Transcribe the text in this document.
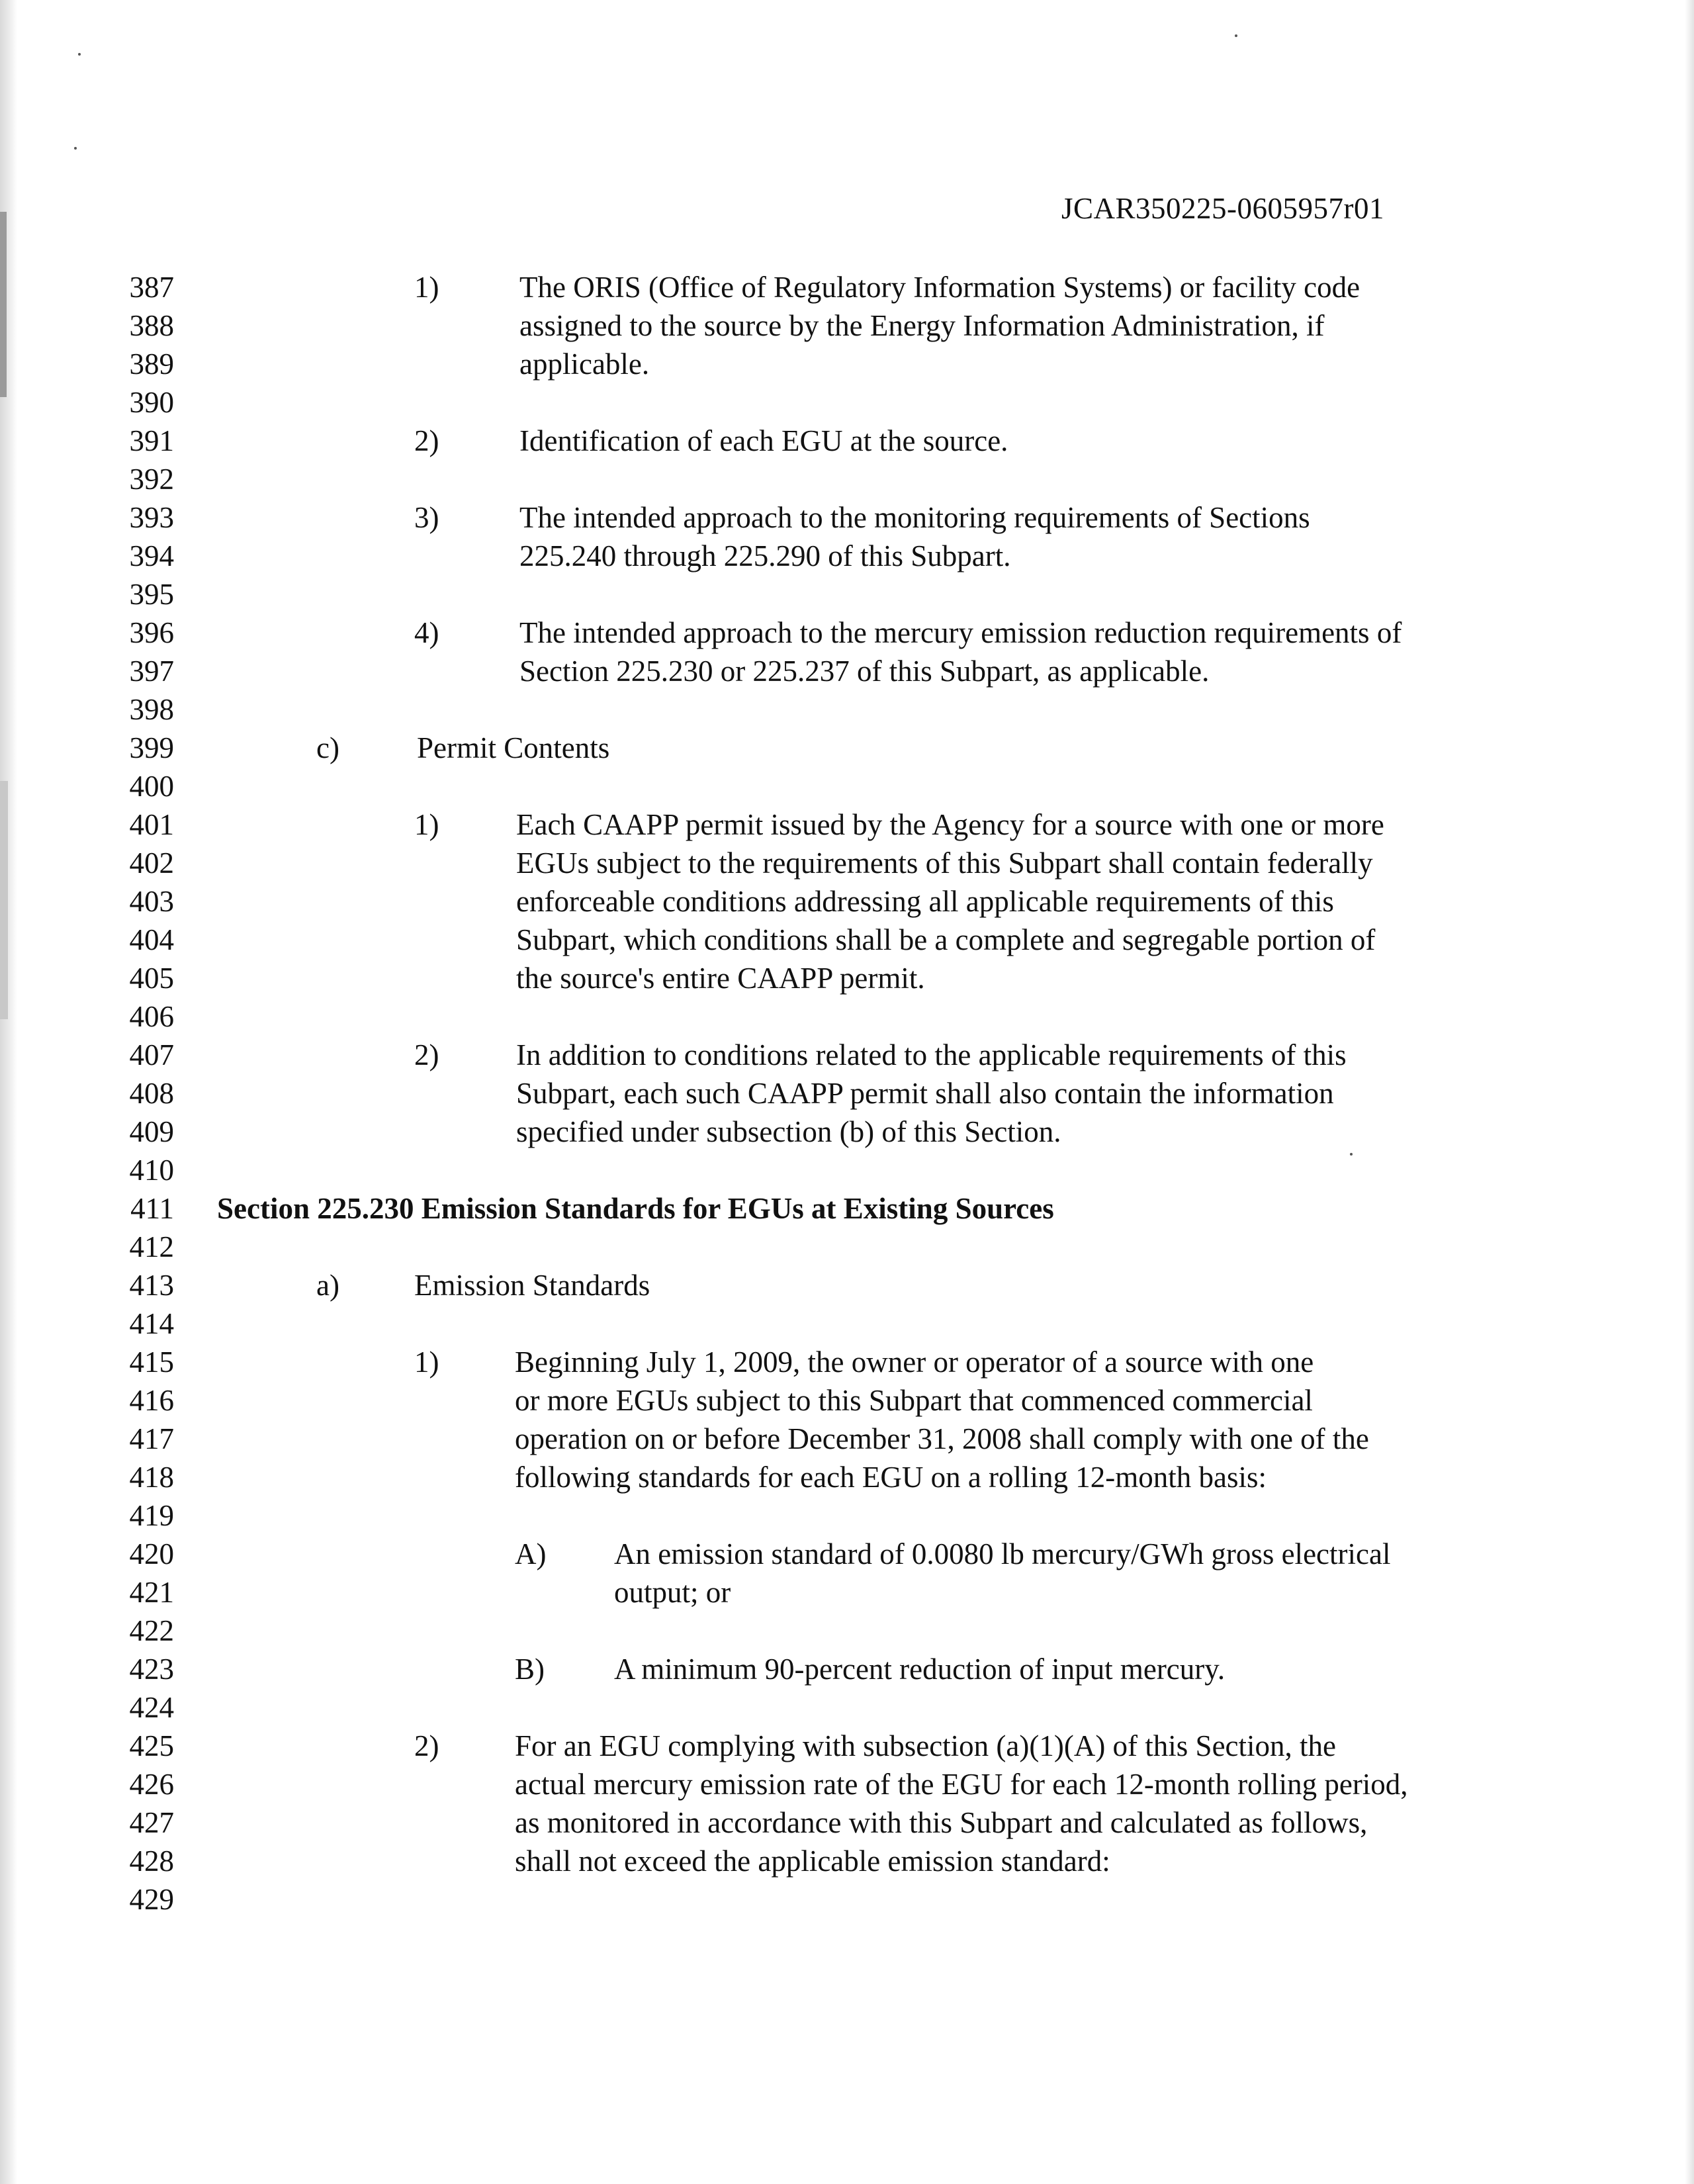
JCAR350225-0605957r01
387
388
389
390
391
392
393
394
395
396
397
398
399
400
401
402
403
404
405
406
407
408
409
410
411
412
413
414
415
416
417
418
419
420
421
422
423
424
425
426
427
428
429
1)	The ORIS (Office of Regulatory Information Systems) or facility code
assigned to the source by the Energy Information Administration, if
applicable.
2)	Identification of each EGU at the source.
3)	The intended approach to the monitoring requirements of Sections
225.240 through 225.290 of this Subpart.
4)	The intended approach to the mercury emission reduction requirements of
Section 225.230 or 225.237 of this Subpart, as applicable.
c)	Permit Contents
1)	Each CAAPP permit issued by the Agency for a source with one or more
EGUs subject to the requirements of this Subpart shall contain federally
enforceable conditions addressing all applicable requirements of this
Subpart, which conditions shall be a complete and segregable portion of
the source's entire CAAPP permit.
2)	In addition to conditions related to the applicable requirements of this
Subpart, each such CAAPP permit shall also contain the information
specified under subsection (b) of this Section.
Section 225.230 Emission Standards for EGUs at Existing Sources
a)	Emission Standards
1)	Beginning July 1, 2009, the owner or operator of a source with one
or more EGUs subject to this Subpart that commenced commercial
operation on or before December 31, 2008 shall comply with one of the
following standards for each EGU on a rolling 12-month basis:
A) An emission standard of 0.0080 lb mercury/GWh gross electrical
output; or
B) A minimum 90-percent reduction of input mercury.
2)	For an EGU complying with subsection (a)(1)(A) of this Section, the
actual mercury emission rate of the EGU for each 12-month rolling period,
as monitored in accordance with this Subpart and calculated as follows,
shall not exceed the applicable emission standard:
